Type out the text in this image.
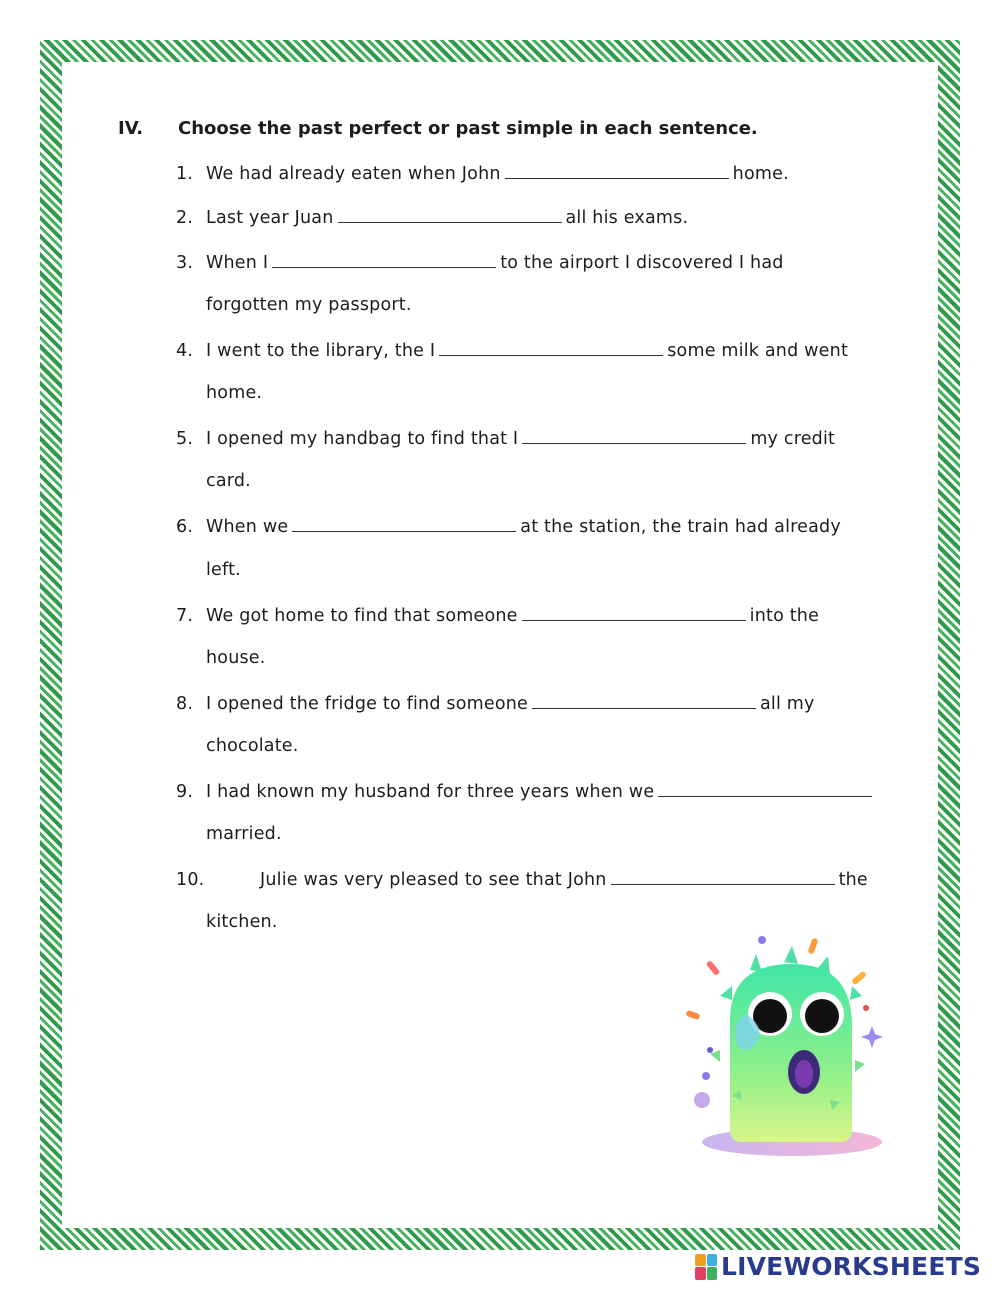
IV. Choose the past perfect or past simple in each sentence.
1. We had already eaten when John	home.
2. Last year Juan	all his exams.
3. When I	to the airport I discovered I had
forgotten my passport.
4. I went to the library, the I	some milk and went
home.
5. I opened my handbag to find that I	my credit
card.
6. When we	at the station, the train had already
left.
7. We got home to find that someone	into the
house.
8. I opened the fridge to find someone	all my
chocolate.
9. I had known my husband for three years when we
married.
10.	Julie was very pleased to see that John	the
kitchen.
LIVEWORKSHEETS
